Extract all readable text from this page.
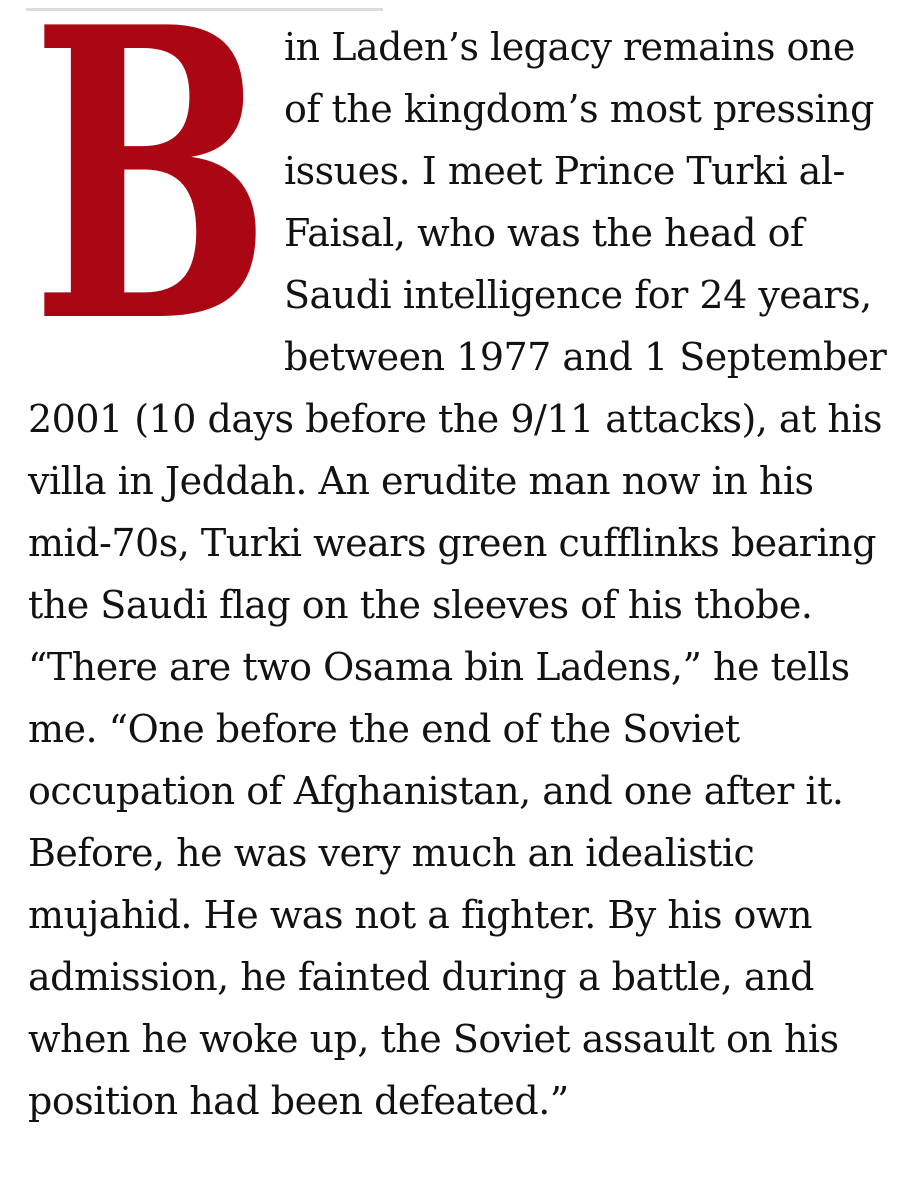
B in Laden’s legacy remains one of the kingdom’s most pressing issues. I meet Prince Turki al-Faisal, who was the head of Saudi intelligence for 24 years, between 1977 and 1 September 2001 (10 days before the 9/11 attacks), at his villa in Jeddah. An erudite man now in his mid-70s, Turki wears green cufflinks bearing the Saudi flag on the sleeves of his thobe. “There are two Osama bin Ladens,” he tells me. “One before the end of the Soviet occupation of Afghanistan, and one after it. Before, he was very much an idealistic mujahid. He was not a fighter. By his own admission, he fainted during a battle, and when he woke up, the Soviet assault on his position had been defeated.”
